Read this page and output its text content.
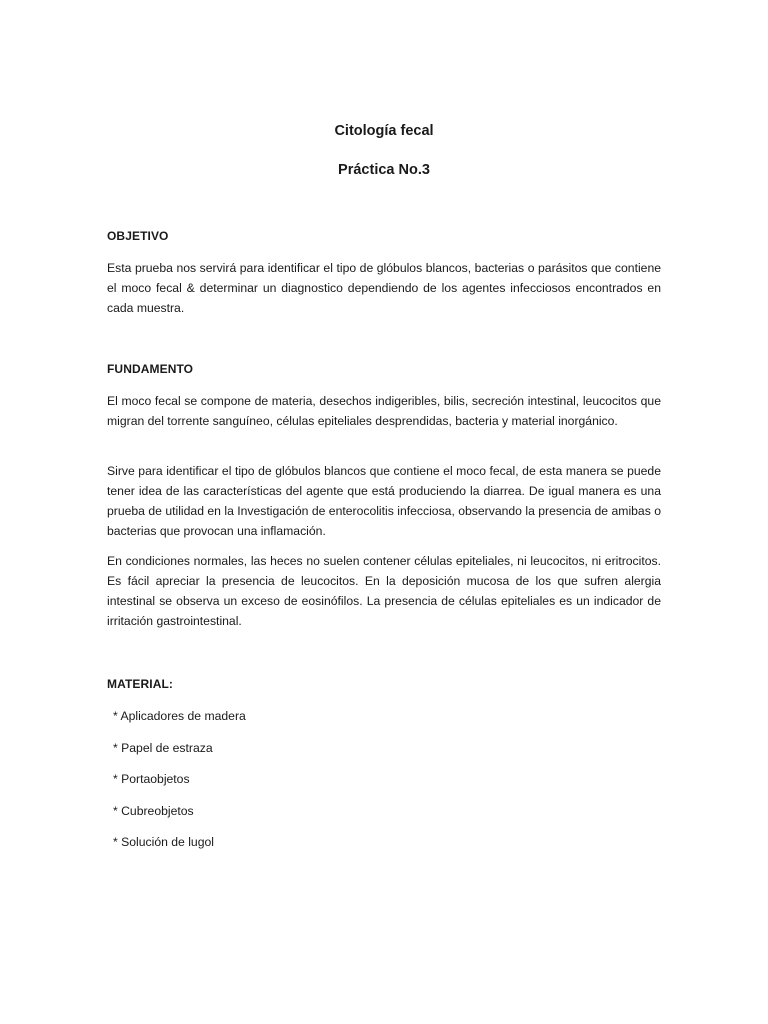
Citología fecal
Práctica No.3
OBJETIVO

Esta prueba nos servirá para identificar el tipo de glóbulos blancos, bacterias o parásitos que contiene el moco fecal & determinar un diagnostico dependiendo de los agentes infecciosos encontrados en cada muestra.

FUNDAMENTO

El moco fecal se compone de materia, desechos indigeribles, bilis, secreción intestinal, leucocitos que migran del torrente sanguíneo, células epiteliales desprendidas, bacteria y material inorgánico.

Sirve para identificar el tipo de glóbulos blancos que contiene el moco fecal, de esta manera se puede tener idea de las características del agente que está produciendo la diarrea. De igual manera es una prueba de utilidad en la Investigación de enterocolitis infecciosa, observando la presencia de amibas o bacterias que provocan una inflamación.

En condiciones normales, las heces no suelen contener células epiteliales, ni leucocitos, ni eritrocitos. Es fácil apreciar la presencia de leucocitos. En la deposición mucosa de los que sufren alergia intestinal se observa un exceso de eosinófilos. La presencia de células epiteliales es un indicador de irritación gastrointestinal.

MATERIAL:
* Aplicadores de madera
* Papel de estraza
* Portaobjetos
* Cubreobjetos
* Solución de lugol
